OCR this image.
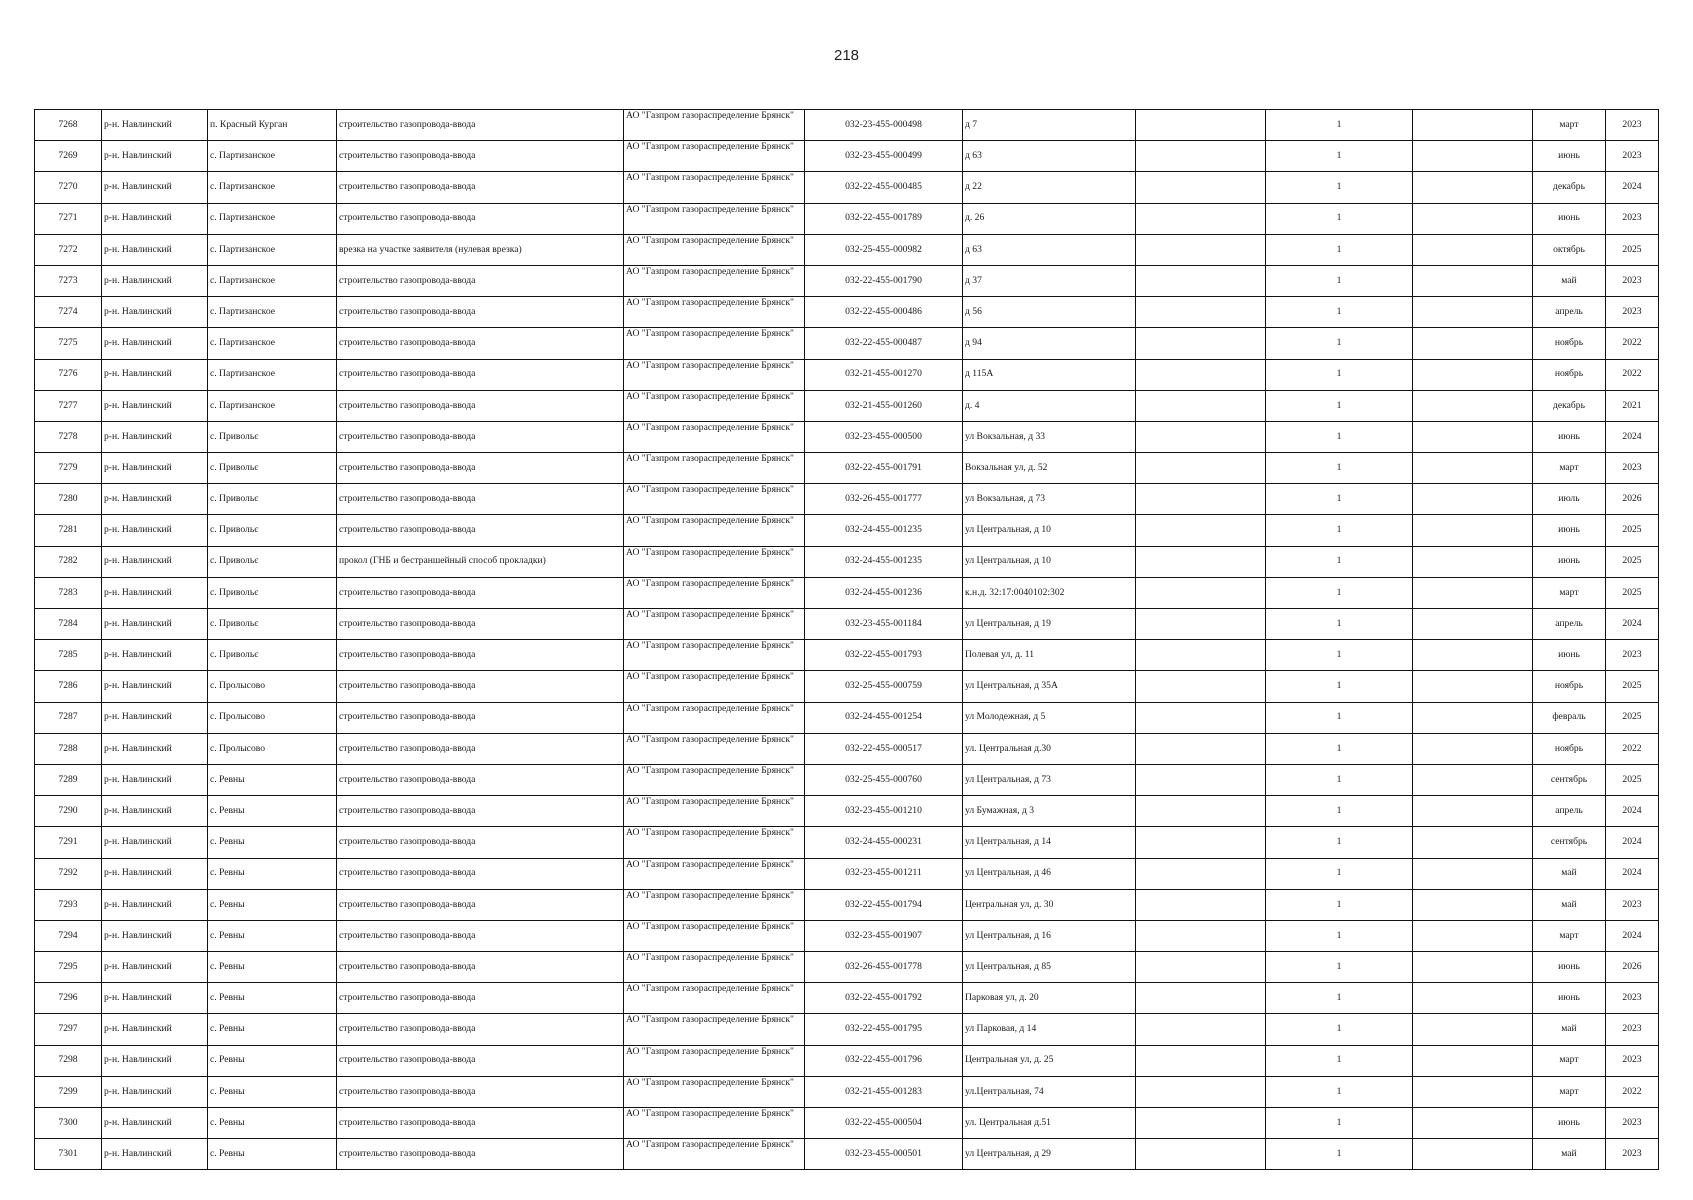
218
7268	р-н. Навлинский	п. Красный Курган	строительство газопровода-ввода	АО "Газпром газораспределение Брянск"	032-23-455-000498	д 7		1		март	2023
7269	р-н. Навлинский	с. Партизанское	строительство газопровода-ввода	АО "Газпром газораспределение Брянск"	032-23-455-000499	д 63		1		июнь	2023
7270	р-н. Навлинский	с. Партизанское	строительство газопровода-ввода	АО "Газпром газораспределение Брянск"	032-22-455-000485	д 22		1		декабрь	2024
7271	р-н. Навлинский	с. Партизанское	строительство газопровода-ввода	АО "Газпром газораспределение Брянск"	032-22-455-001789	д. 26		1		июнь	2023
7272	р-н. Навлинский	с. Партизанское	врезка на участке заявителя (нулевая врезка)	АО "Газпром газораспределение Брянск"	032-25-455-000982	д 63		1		октябрь	2025
7273	р-н. Навлинский	с. Партизанское	строительство газопровода-ввода	АО "Газпром газораспределение Брянск"	032-22-455-001790	д 37		1		май	2023
7274	р-н. Навлинский	с. Партизанское	строительство газопровода-ввода	АО "Газпром газораспределение Брянск"	032-22-455-000486	д 56		1		апрель	2023
7275	р-н. Навлинский	с. Партизанское	строительство газопровода-ввода	АО "Газпром газораспределение Брянск"	032-22-455-000487	д 94		1		ноябрь	2022
7276	р-н. Навлинский	с. Партизанское	строительство газопровода-ввода	АО "Газпром газораспределение Брянск"	032-21-455-001270	д 115А		1		ноябрь	2022
7277	р-н. Навлинский	с. Партизанское	строительство газопровода-ввода	АО "Газпром газораспределение Брянск"	032-21-455-001260	д. 4		1		декабрь	2021
7278	р-н. Навлинский	с. Привольє	строительство газопровода-ввода	АО "Газпром газораспределение Брянск"	032-23-455-000500	ул Вокзальная, д 33		1		июнь	2024
7279	р-н. Навлинский	с. Привольє	строительство газопровода-ввода	АО "Газпром газораспределение Брянск"	032-22-455-001791	Вокзальная ул, д. 52		1		март	2023
7280	р-н. Навлинский	с. Привольє	строительство газопровода-ввода	АО "Газпром газораспределение Брянск"	032-26-455-001777	ул Вокзальная, д 73		1		июль	2026
7281	р-н. Навлинский	с. Привольє	строительство газопровода-ввода	АО "Газпром газораспределение Брянск"	032-24-455-001235	ул Центральная, д 10		1		июнь	2025
7282	р-н. Навлинский	с. Привольє	прокол (ГНБ и бестраншейный способ прокладки)	АО "Газпром газораспределение Брянск"	032-24-455-001235	ул Центральная, д 10		1		июнь	2025
7283	р-н. Навлинский	с. Привольє	строительство газопровода-ввода	АО "Газпром газораспределение Брянск"	032-24-455-001236	к.н.д. 32:17:0040102:302		1		март	2025
7284	р-н. Навлинский	с. Привольє	строительство газопровода-ввода	АО "Газпром газораспределение Брянск"	032-23-455-001184	ул Центральная, д 19		1		апрель	2024
7285	р-н. Навлинский	с. Привольє	строительство газопровода-ввода	АО "Газпром газораспределение Брянск"	032-22-455-001793	Полевая ул, д. 11		1		июнь	2023
7286	р-н. Навлинский	с. Пролысово	строительство газопровода-ввода	АО "Газпром газораспределение Брянск"	032-25-455-000759	ул Центральная, д 35А		1		ноябрь	2025
7287	р-н. Навлинский	с. Пролысово	строительство газопровода-ввода	АО "Газпром газораспределение Брянск"	032-24-455-001254	ул Молодежная, д 5		1		февраль	2025
7288	р-н. Навлинский	с. Пролысово	строительство газопровода-ввода	АО "Газпром газораспределение Брянск"	032-22-455-000517	ул. Центральная д.30		1		ноябрь	2022
7289	р-н. Навлинский	с. Ревны	строительство газопровода-ввода	АО "Газпром газораспределение Брянск"	032-25-455-000760	ул Центральная, д 73		1		сентябрь	2025
7290	р-н. Навлинский	с. Ревны	строительство газопровода-ввода	АО "Газпром газораспределение Брянск"	032-23-455-001210	ул Бумажная, д 3		1		апрель	2024
7291	р-н. Навлинский	с. Ревны	строительство газопровода-ввода	АО "Газпром газораспределение Брянск"	032-24-455-000231	ул Центральная, д 14		1		сентябрь	2024
7292	р-н. Навлинский	с. Ревны	строительство газопровода-ввода	АО "Газпром газораспределение Брянск"	032-23-455-001211	ул Центральная, д 46		1		май	2024
7293	р-н. Навлинский	с. Ревны	строительство газопровода-ввода	АО "Газпром газораспределение Брянск"	032-22-455-001794	Центральная ул, д. 30		1		май	2023
7294	р-н. Навлинский	с. Ревны	строительство газопровода-ввода	АО "Газпром газораспределение Брянск"	032-23-455-001907	ул Центральная, д 16		1		март	2024
7295	р-н. Навлинский	с. Ревны	строительство газопровода-ввода	АО "Газпром газораспределение Брянск"	032-26-455-001778	ул Центральная, д 85		1		июнь	2026
7296	р-н. Навлинский	с. Ревны	строительство газопровода-ввода	АО "Газпром газораспределение Брянск"	032-22-455-001792	Парковая ул, д. 20		1		июнь	2023
7297	р-н. Навлинский	с. Ревны	строительство газопровода-ввода	АО "Газпром газораспределение Брянск"	032-22-455-001795	ул Парковая, д 14		1		май	2023
7298	р-н. Навлинский	с. Ревны	строительство газопровода-ввода	АО "Газпром газораспределение Брянск"	032-22-455-001796	Центральная ул, д. 25		1		март	2023
7299	р-н. Навлинский	с. Ревны	строительство газопровода-ввода	АО "Газпром газораспределение Брянск"	032-21-455-001283	ул.Центральная, 74		1		март	2022
7300	р-н. Навлинский	с. Ревны	строительство газопровода-ввода	АО "Газпром газораспределение Брянск"	032-22-455-000504	ул. Центральная д.51		1		июнь	2023
7301	р-н. Навлинский	с. Ревны	строительство газопровода-ввода	АО "Газпром газораспределение Брянск"	032-23-455-000501	ул Центральная, д 29		1		май	2023
